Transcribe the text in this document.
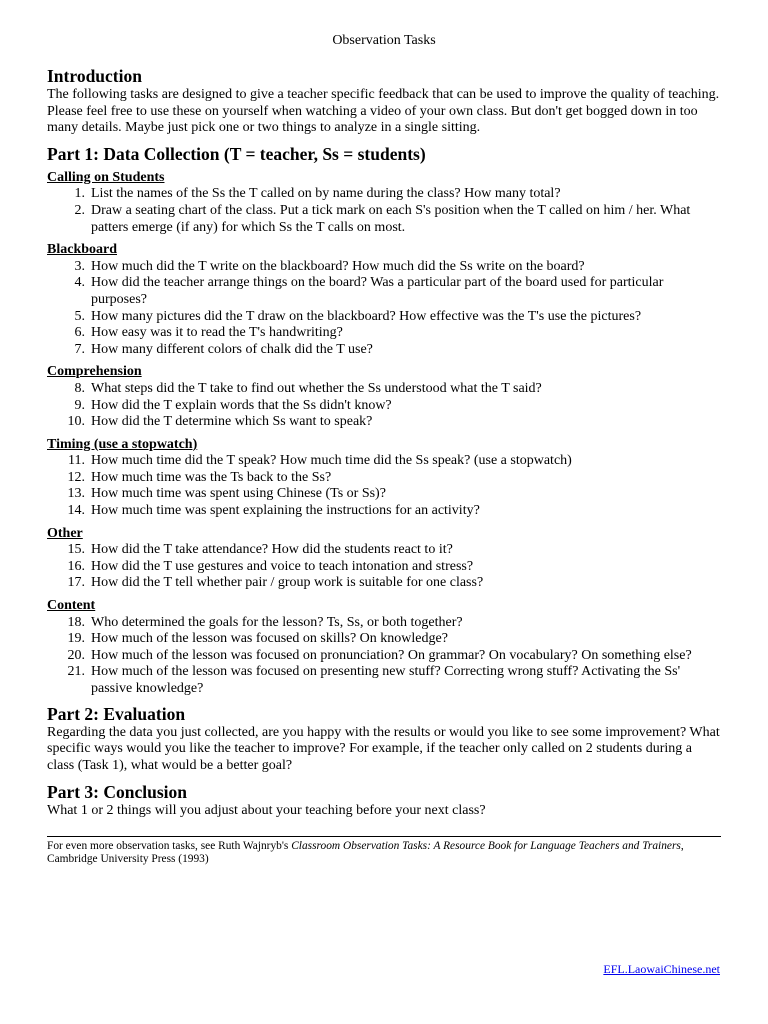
Observation Tasks
Introduction

The following tasks are designed to give a teacher specific feedback that can be used to improve the quality of teaching. Please feel free to use these on yourself when watching a video of your own class. But don't get bogged down in too many details. Maybe just pick one or two things to analyze in a single sitting.

Part 1: Data Collection (T = teacher, Ss = students)

Calling on Students

1. List the names of the Ss the T called on by name during the class? How many total?
2. Draw a seating chart of the class. Put a tick mark on each S's position when the T called on him / her. What patters emerge (if any) for which Ss the T calls on most.

Blackboard

3. How much did the T write on the blackboard? How much did the Ss write on the board?
4. How did the teacher arrange things on the board? Was a particular part of the board used for particular purposes?
5. How many pictures did the T draw on the blackboard? How effective was the T's use the pictures?
6. How easy was it to read the T's handwriting?
7. How many different colors of chalk did the T use?

Comprehension

8. What steps did the T take to find out whether the Ss understood what the T said?
9. How did the T explain words that the Ss didn't know?
10. How did the T determine which Ss want to speak?

Timing (use a stopwatch)

11. How much time did the T speak? How much time did the Ss speak? (use a stopwatch)
12. How much time was the Ts back to the Ss?
13. How much time was spent using Chinese (Ts or Ss)?
14. How much time was spent explaining the instructions for an activity?

Other

15. How did the T take attendance? How did the students react to it?
16. How did the T use gestures and voice to teach intonation and stress?
17. How did the T tell whether pair / group work is suitable for one class?

Content

18. Who determined the goals for the lesson? Ts, Ss, or both together?
19. How much of the lesson was focused on skills? On knowledge?
20. How much of the lesson was focused on pronunciation? On grammar? On vocabulary? On something else?
21. How much of the lesson was focused on presenting new stuff? Correcting wrong stuff? Activating the Ss' passive knowledge?
Part 2: Evaluation

Regarding the data you just collected, are you happy with the results or would you like to see some improvement? What specific ways would you like the teacher to improve? For example, if the teacher only called on 2 students during a class (Task 1), what would be a better goal?

Part 3: Conclusion

What 1 or 2 things will you adjust about your teaching before your next class?

For even more observation tasks, see Ruth Wajnryb's Classroom Observation Tasks: A Resource Book for Language Teachers and Trainers, Cambridge University Press (1993)

EFL.LaowaiChinese.net
